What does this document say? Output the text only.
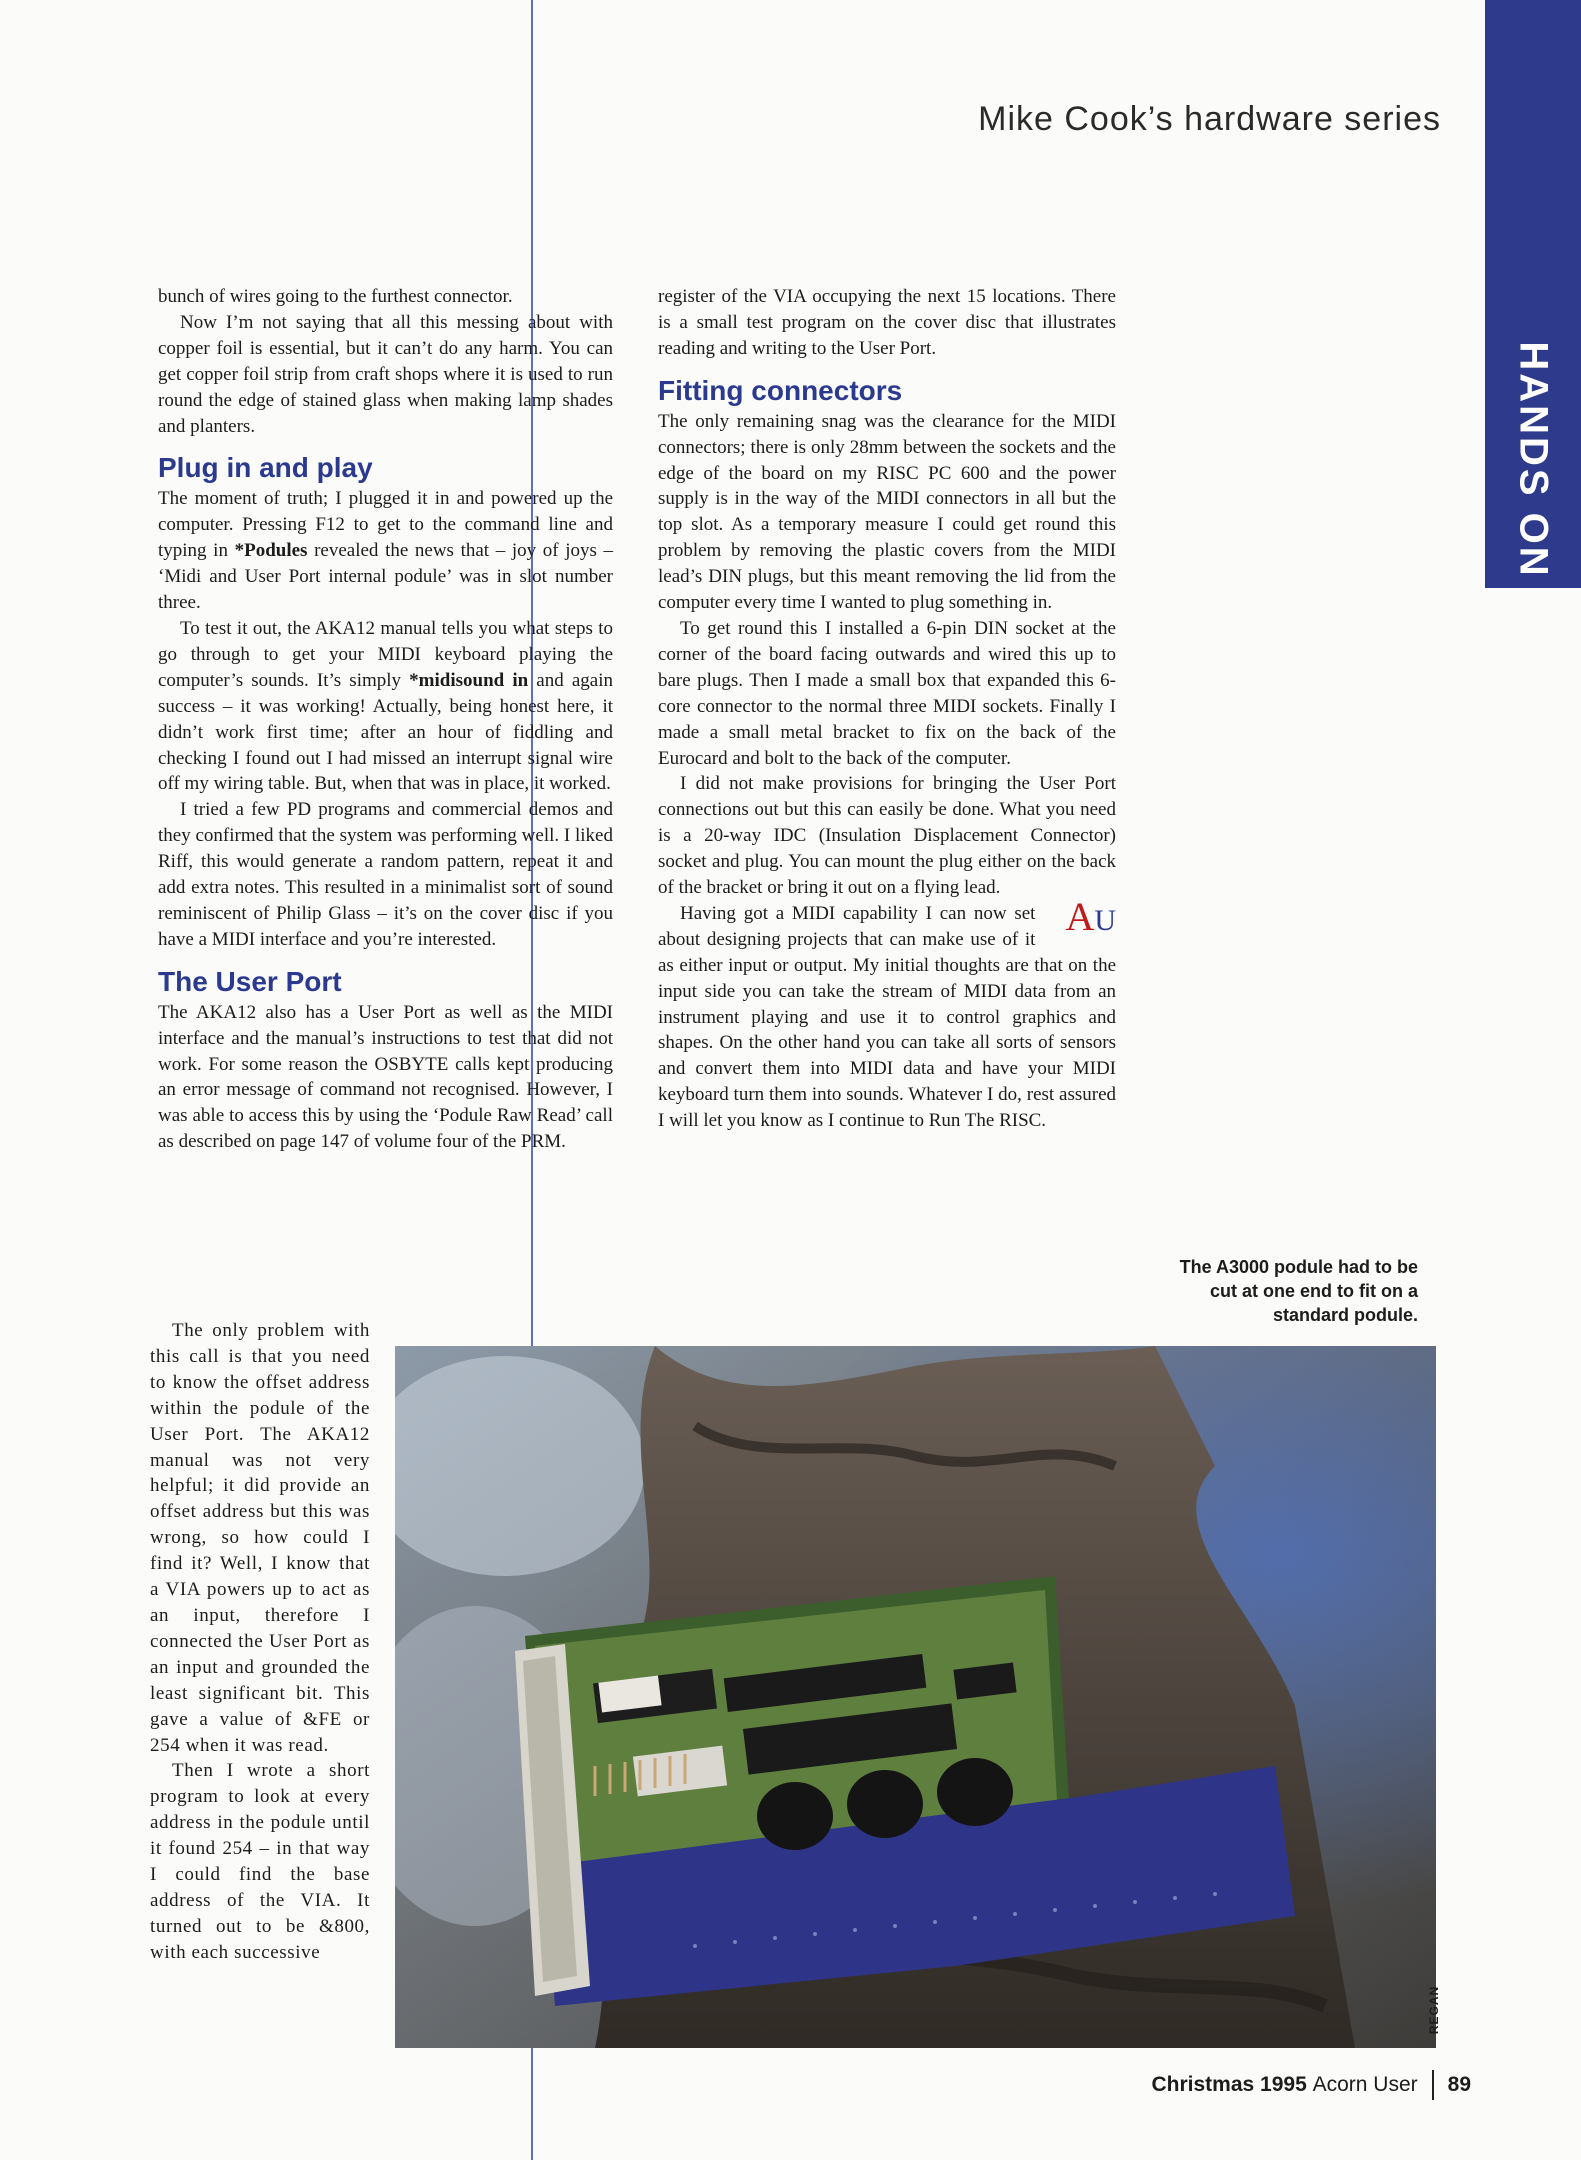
Mike Cook’s hardware series
HANDS ON

bunch of wires going to the furthest connector.

Now I’m not saying that all this messing about with copper foil is essential, but it can’t do any harm. You can get copper foil strip from craft shops where it is used to run round the edge of stained glass when making lamp shades and planters.

Plug in and play

The moment of truth; I plugged it in and powered up the computer. Pressing F12 to get to the command line and typing in *Podules revealed the news that – joy of joys – ‘Midi and User Port internal podule’ was in slot number three.

To test it out, the AKA12 manual tells you what steps to go through to get your MIDI keyboard playing the computer’s sounds. It’s simply *midisound in and again success – it was working! Actually, being honest here, it didn’t work first time; after an hour of fiddling and checking I found out I had missed an interrupt signal wire off my wiring table. But, when that was in place, it worked.

I tried a few PD programs and commercial demos and they confirmed that the system was performing well. I liked Riff, this would generate a random pattern, repeat it and add extra notes. This resulted in a minimalist sort of sound reminiscent of Philip Glass – it’s on the cover disc if you have a MIDI interface and you’re interested.

The User Port

The AKA12 also has a User Port as well as the MIDI interface and the manual’s instructions to test that did not work. For some reason the OSBYTE calls kept producing an error message of command not recognised. However, I was able to access this by using the ‘Podule Raw Read’ call as described on page 147 of volume four of the PRM.

The only problem with this call is that you need to know the offset address within the podule of the User Port. The AKA12 manual was not very helpful; it did provide an offset address but this was wrong, so how could I find it? Well, I know that a VIA powers up to act as an input, therefore I connected the User Port as an input and grounded the least significant bit. This gave a value of &FE or 254 when it was read.

Then I wrote a short program to look at every address in the podule until it found 254 – in that way I could find the base address of the VIA. It turned out to be &800, with each successive

register of the VIA occupying the next 15 locations. There is a small test program on the cover disc that illustrates reading and writing to the User Port.

Fitting connectors

The only remaining snag was the clearance for the MIDI connectors; there is only 28mm between the sockets and the edge of the board on my RISC PC 600 and the power supply is in the way of the MIDI connectors in all but the top slot. As a temporary measure I could get round this problem by removing the plastic covers from the MIDI lead’s DIN plugs, but this meant removing the lid from the computer every time I wanted to plug something in.

To get round this I installed a 6-pin DIN socket at the corner of the board facing outwards and wired this up to bare plugs. Then I made a small box that expanded this 6-core connector to the normal three MIDI sockets. Finally I made a small metal bracket to fix on the back of the Eurocard and bolt to the back of the computer.

I did not make provisions for bringing the User Port connections out but this can easily be done. What you need is a 20-way IDC (Insulation Displacement Connector) socket and plug. You can mount the plug either on the back of the bracket or bring it out on a flying lead.

AU
Having got a MIDI capability I can now set about designing projects that can make use of it as either input or output. My initial thoughts are that on the input side you can take the stream of MIDI data from an instrument playing and use it to control graphics and shapes. On the other hand you can take all sorts of sensors and convert them into MIDI data and have your MIDI keyboard turn them into sounds. Whatever I do, rest assured I will let you know as I continue to Run The RISC.

The A3000 podule had to be cut at one end to fit on a standard podule.
REGAN
Christmas 1995
Acorn User 89
